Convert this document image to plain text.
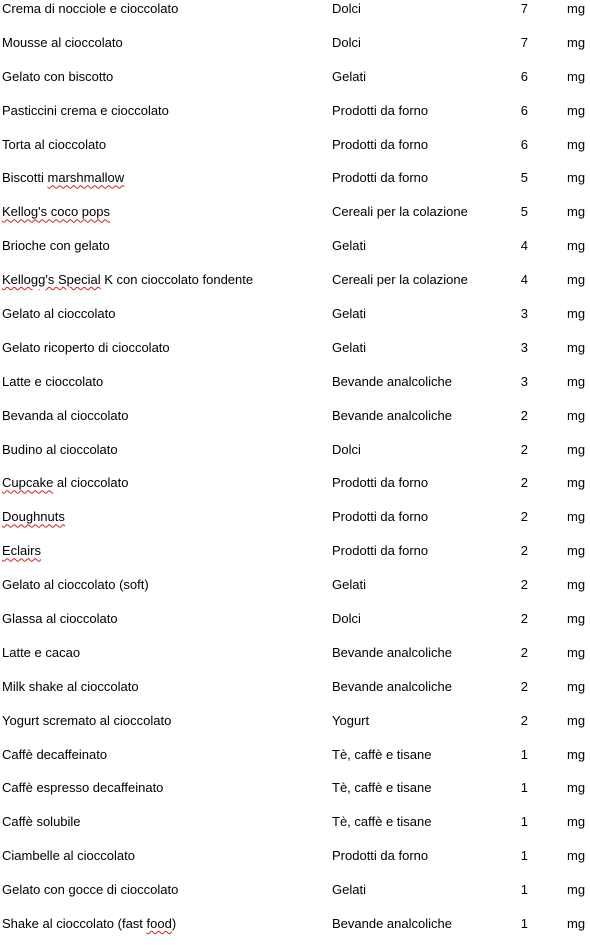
Crema di nocciole e cioccolato	Dolci	7	mg
Mousse al cioccolato	Dolci	7	mg
Gelato con biscotto	Gelati	6	mg
Pasticcini crema e cioccolato	Prodotti da forno	6	mg
Torta al cioccolato	Prodotti da forno	6	mg
Biscotti marshmallow	Prodotti da forno	5	mg
Kellog's coco pops	Cereali per la colazione	5	mg
Brioche con gelato	Gelati	4	mg
Kellogg's Special K con cioccolato fondente	Cereali per la colazione	4	mg
Gelato al cioccolato	Gelati	3	mg
Gelato ricoperto di cioccolato	Gelati	3	mg
Latte e cioccolato	Bevande analcoliche	3	mg
Bevanda al cioccolato	Bevande analcoliche	2	mg
Budino al cioccolato	Dolci	2	mg
Cupcake al cioccolato	Prodotti da forno	2	mg
Doughnuts	Prodotti da forno	2	mg
Eclairs	Prodotti da forno	2	mg
Gelato al cioccolato (soft)	Gelati	2	mg
Glassa al cioccolato	Dolci	2	mg
Latte e cacao	Bevande analcoliche	2	mg
Milk shake al cioccolato	Bevande analcoliche	2	mg
Yogurt scremato al cioccolato	Yogurt	2	mg
Caffè decaffeinato	Tè, caffè e tisane	1	mg
Caffè espresso decaffeinato	Tè, caffè e tisane	1	mg
Caffè solubile	Tè, caffè e tisane	1	mg
Ciambelle al cioccolato	Prodotti da forno	1	mg
Gelato con gocce di cioccolato	Gelati	1	mg
Shake al cioccolato (fast food)	Bevande analcoliche	1	mg
